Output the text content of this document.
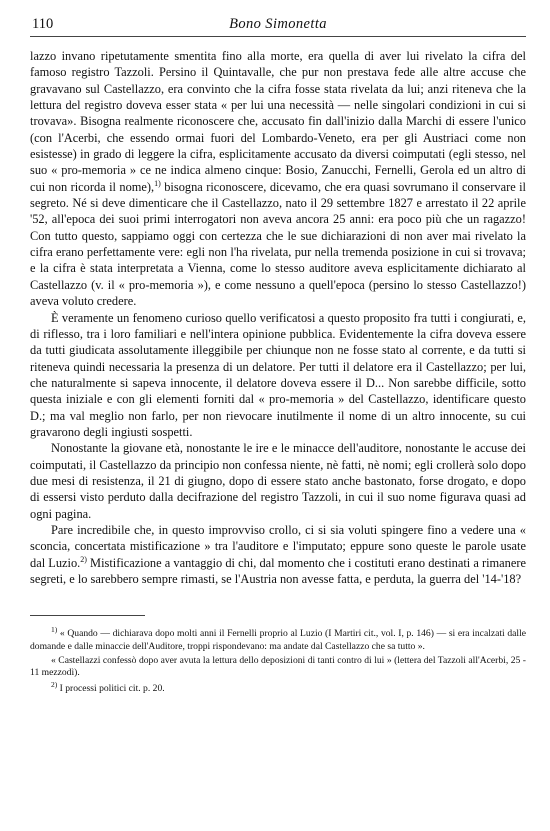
110	Bono Simonetta

lazzo invano ripetutamente smentita fino alla morte, era quella di aver lui rivelato la cifra del famoso registro Tazzoli. Persino il Quintavalle, che pur non prestava fede alle altre accuse che gravavano sul Castellazzo, era convinto che la cifra fosse stata rivelata da lui; anzi riteneva che la lettura del registro doveva esser stata « per lui una necessità — nelle singolari condizioni in cui si trovava». Bisogna realmente riconoscere che, accusato fin dall'inizio dalla Marchi di essere l'unico (con l'Acerbi, che essendo ormai fuori del Lombardo-Veneto, era per gli Austriaci come non esistesse) in grado di leggere la cifra, esplicitamente accusato da diversi coimputati (egli stesso, nel suo « pro-memoria » ce ne indica almeno cinque: Bosio, Zanucchi, Fernelli, Gerola ed un altro di cui non ricorda il nome),$^{1)}$ bisogna riconoscere, dicevamo, che era quasi sovrumano il conservare il segreto. Né si deve dimenticare che il Castellazzo, nato il 29 settembre 1827 e arrestato il 22 aprile '52, all'epoca dei suoi primi interrogatori non aveva ancora 25 anni: era poco più che un ragazzo! Con tutto questo, sappiamo oggi con certezza che le sue dichiarazioni di non aver mai rivelato la cifra erano perfettamente vere: egli non l'ha rivelata, pur nella tremenda posizione in cui si trovava; e la cifra è stata interpretata a Vienna, come lo stesso auditore aveva esplicitamente dichiarato al Castellazzo (v. il « pro-memoria »), e come nessuno a quell'epoca (persino lo stesso Castellazzo!) aveva voluto credere.

È veramente un fenomeno curioso quello verificatosi a questo proposito fra tutti i congiurati, e, di riflesso, tra i loro familiari e nell'intera opinione pubblica. Evidentemente la cifra doveva essere da tutti giudicata assolutamente illeggibile per chiunque non ne fosse stato al corrente, e da tutti si riteneva quindi necessaria la presenza di un delatore. Per tutti il delatore era il Castellazzo; per lui, che naturalmente si sapeva innocente, il delatore doveva essere il D... Non sarebbe difficile, sotto questa iniziale e con gli elementi forniti dal « pro-memoria » del Castellazzo, identificare questo D.; ma val meglio non farlo, per non rievocare inutilmente il nome di un altro innocente, su cui gravarono degli ingiusti sospetti.

Nonostante la giovane età, nonostante le ire e le minacce dell'auditore, nonostante le accuse dei coimputati, il Castellazzo da principio non confessa niente, nè fatti, nè nomi; egli crollerà solo dopo due mesi di resistenza, il 21 di giugno, dopo di essere stato anche bastonato, forse drogato, e dopo di essersi visto perduto dalla decifrazione del registro Tazzoli, in cui il suo nome figurava quasi ad ogni pagina.

Pare incredibile che, in questo improvviso crollo, ci si sia voluti spingere fino a vedere una « sconcia, concertata mistificazione » tra l'auditore e l'imputato; eppure sono queste le parole usate dal Luzio.$^{2)}$ Mistificazione a vantaggio di chi, dal momento che i costituti erano destinati a rimanere segreti, e lo sarebbero sempre rimasti, se l'Austria non avesse fatta, e perduta, la guerra del '14-'18?

$^{1)}$ « Quando — dichiarava dopo molti anni il Fernelli proprio al Luzio (I Martiri cit., vol. I, p. 146) — si era incalzati dalle domande e dalle minaccie dell'Auditore, troppi rispondevano: ma andate dal Castellazzo che sa tutto ».

« Castellazzi confessò dopo aver avuta la lettura dello deposizioni di tanti contro di lui » (lettera del Tazzoli all'Acerbi, 25 - 11 mezzodì).

$^{2)}$ I processi politici cit. p. 20.
